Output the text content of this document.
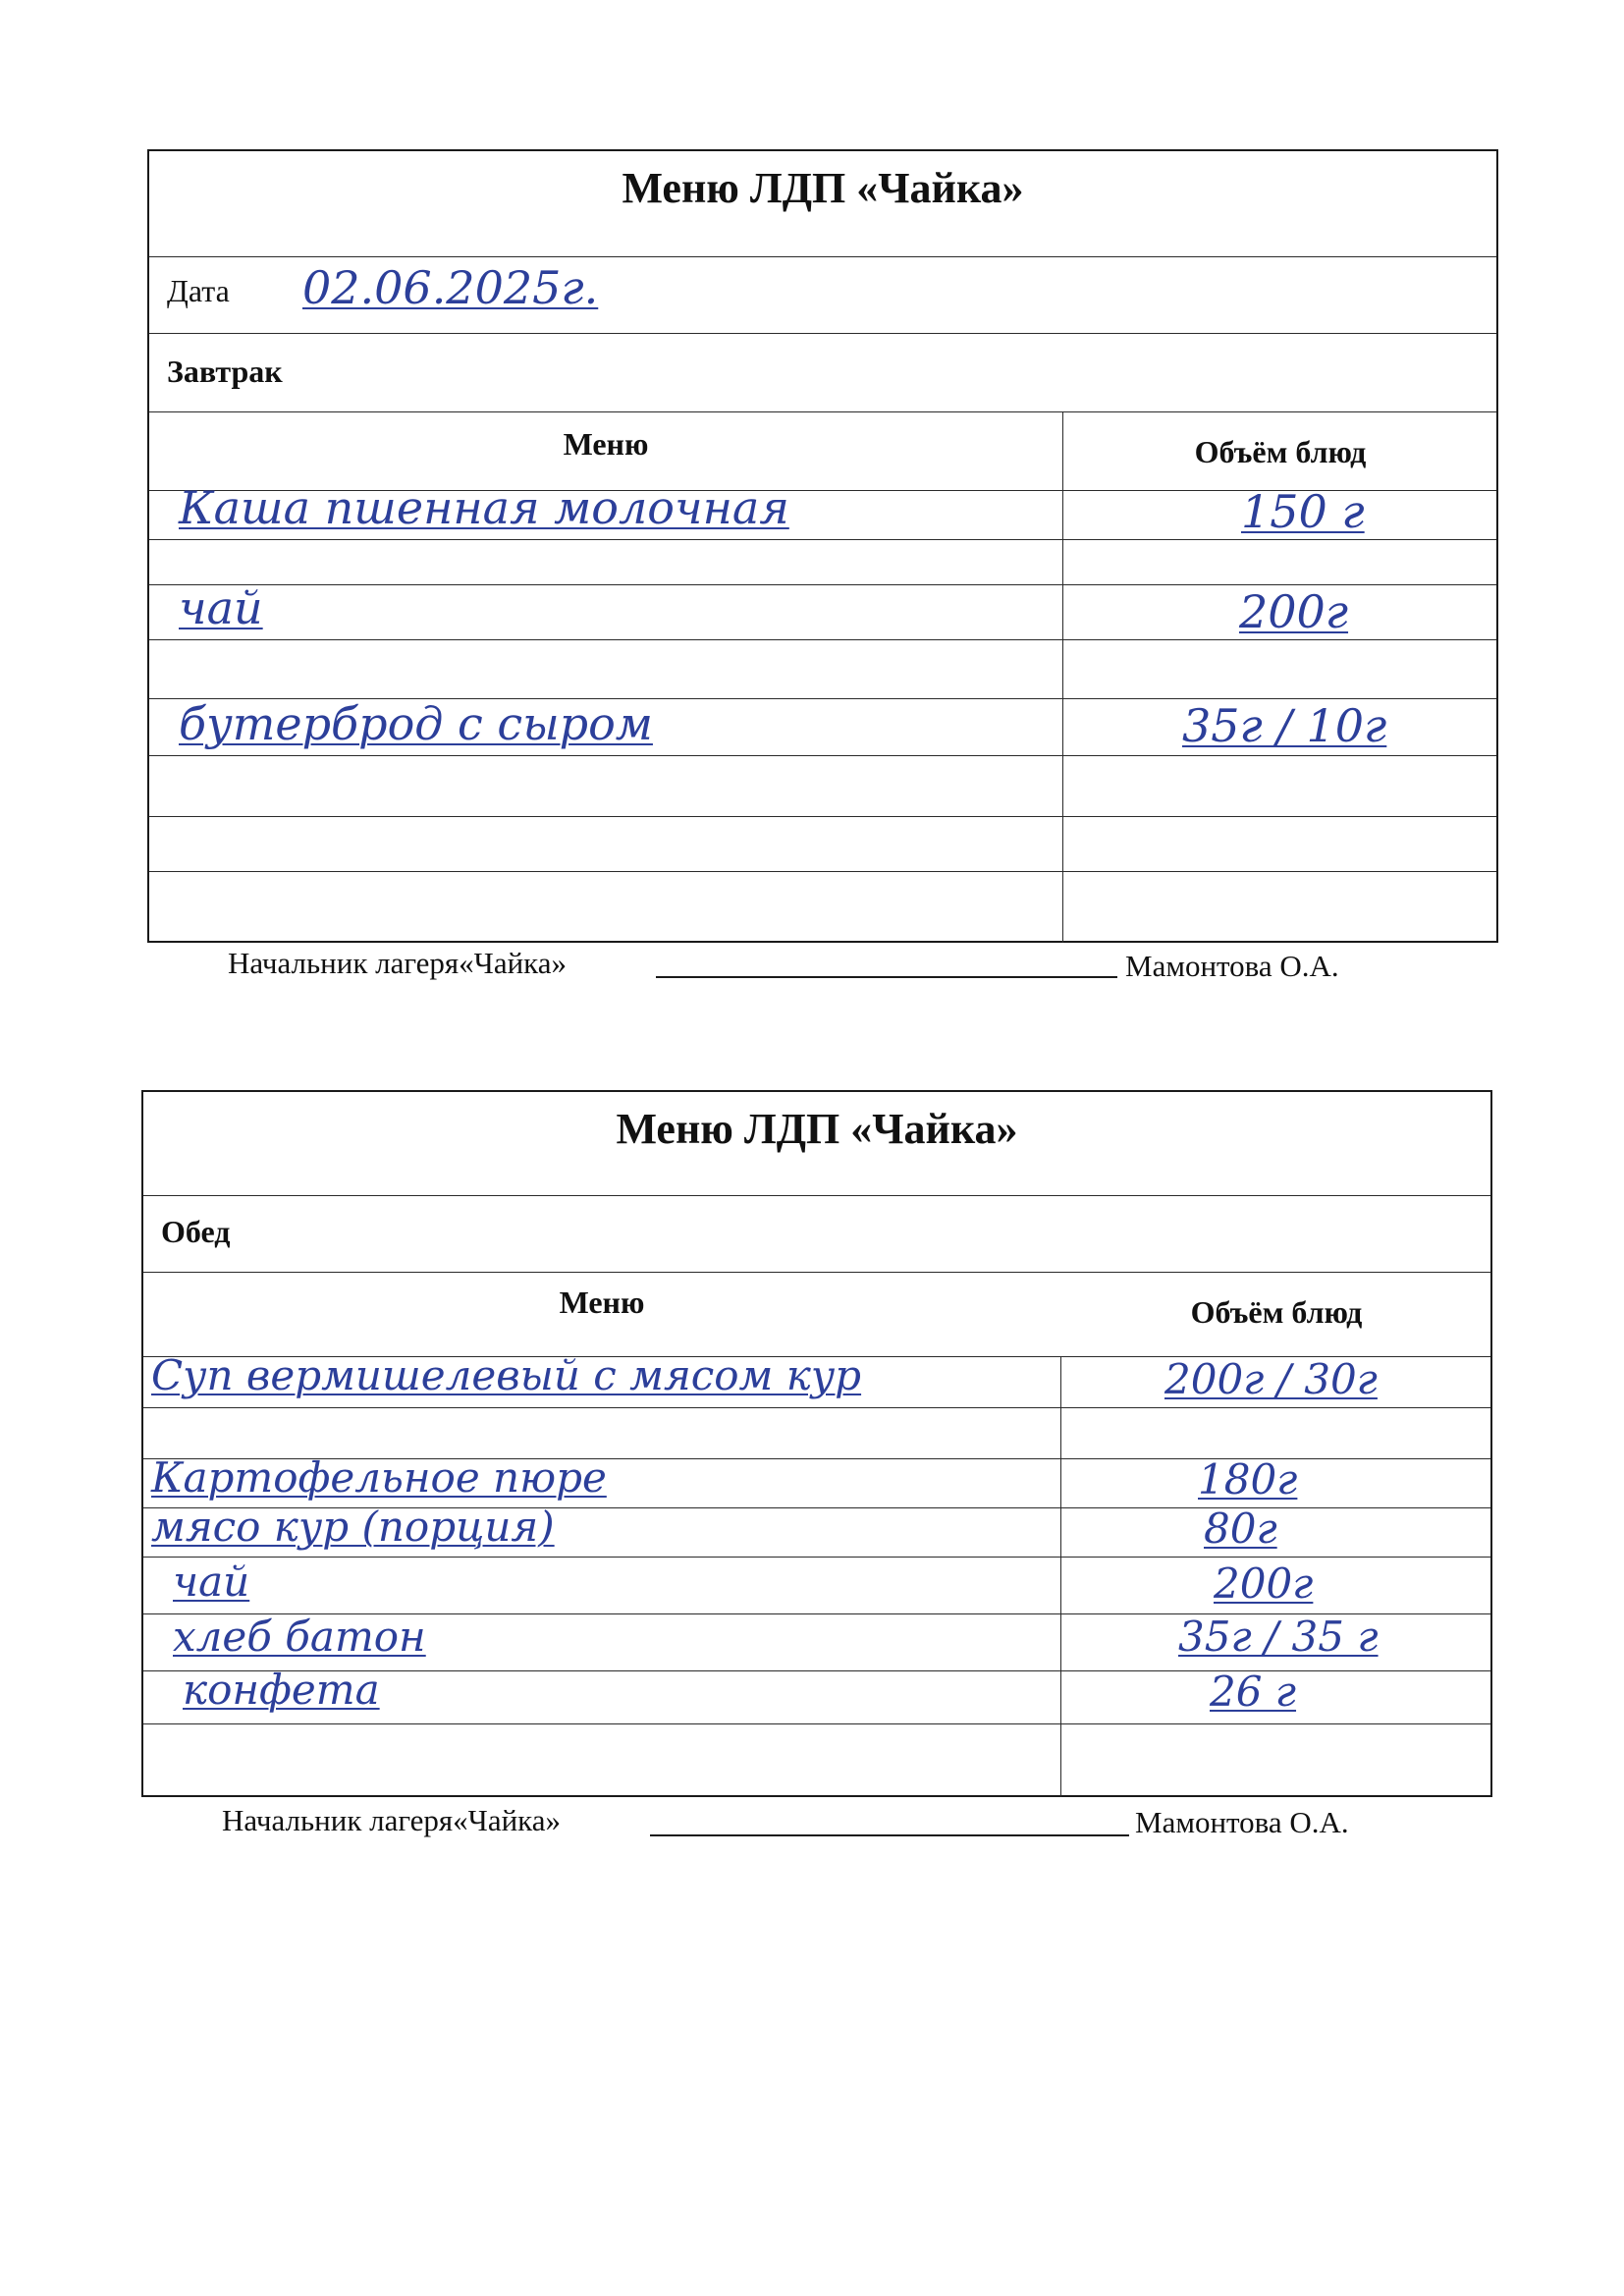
Меню ЛДП «Чайка»
Дата 02.06.2025г.
Завтрак
Меню	Объём блюд
Каша пшенная молочная	150 г
чай	200г
бутерброд с сыром	35г / 10г
Начальник лагеря«Чайка»	Мамонтова О.А.
Меню ЛДП «Чайка»
Обед
Меню	Объём блюд
Суп вермишелевый с мясом кур	200г / 30г
Картофельное пюре	180г
мясо кур (порция)	80г
чай	200г
хлеб батон	35г / 35 г
конфета	26 г
Начальник лагеря«Чайка»	Мамонтова О.А.
